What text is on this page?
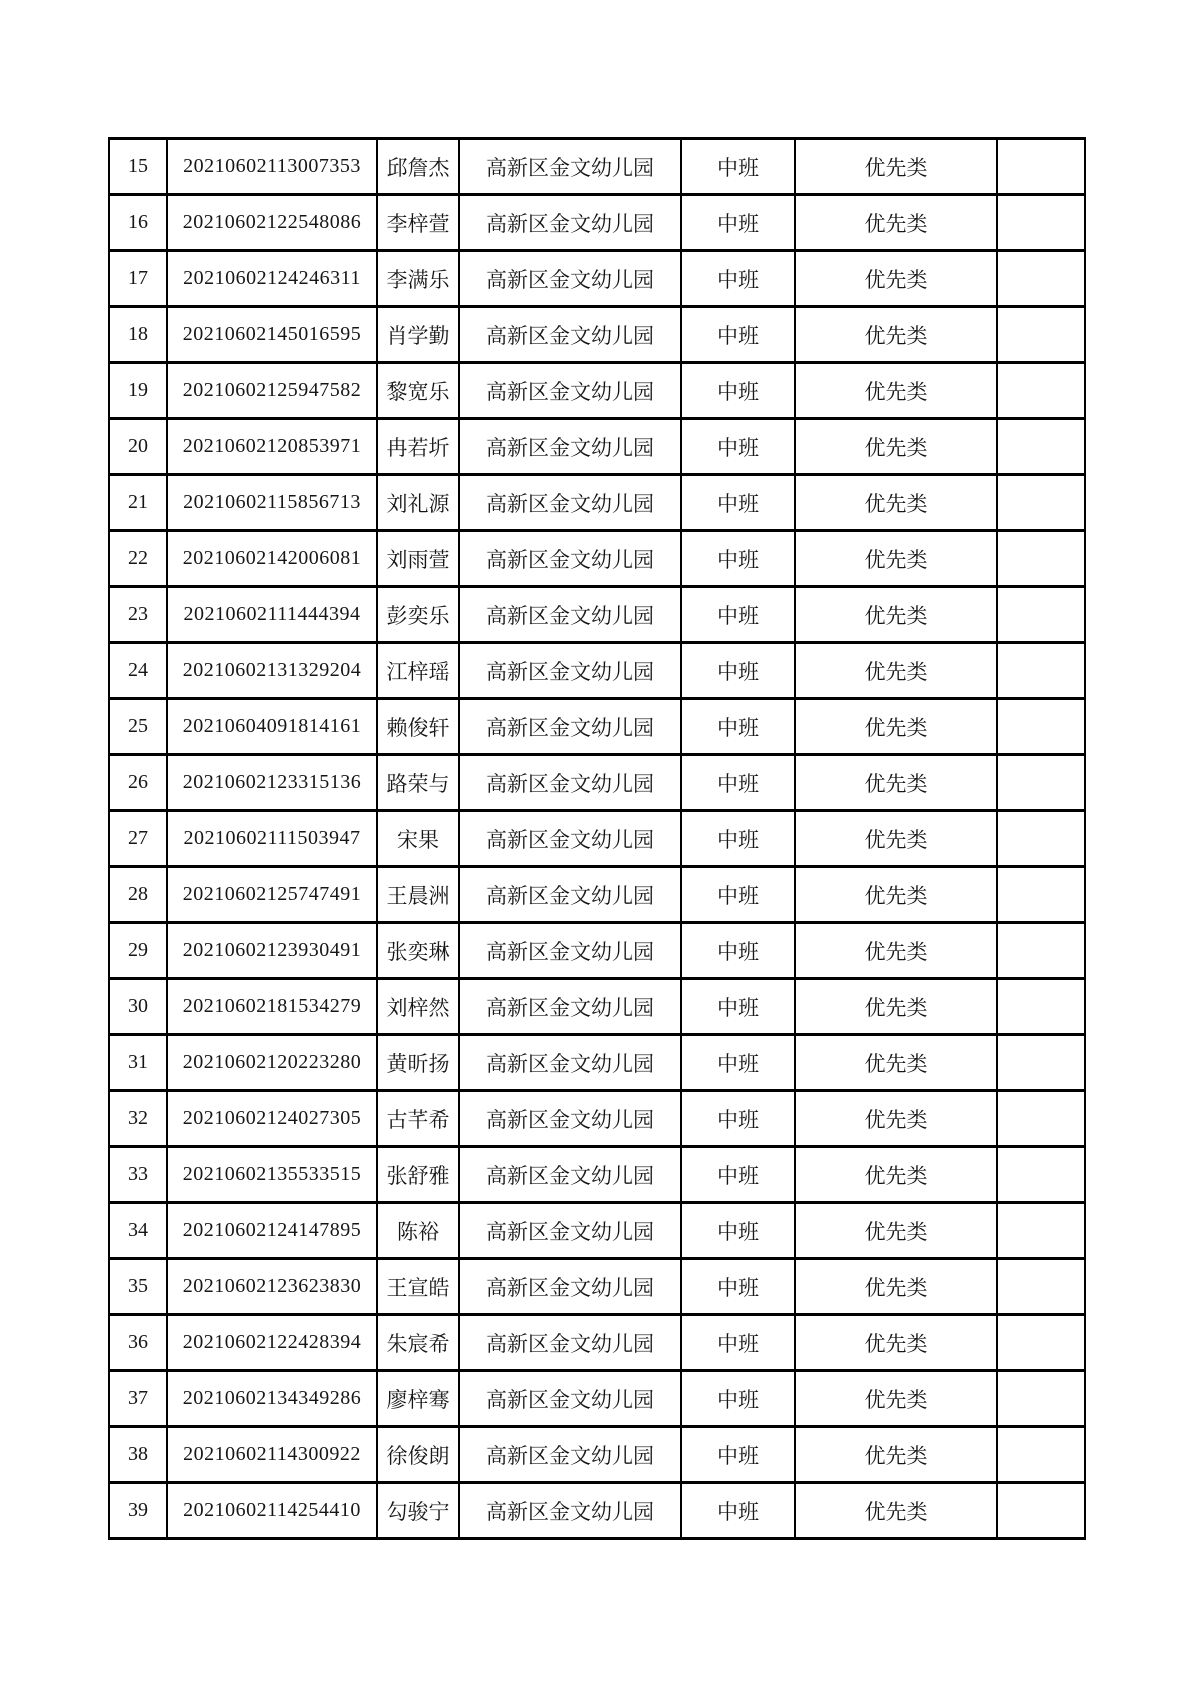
15	20210602113007353	邱詹杰	高新区金文幼儿园	中班	优先类	
16	20210602122548086	李梓萱	高新区金文幼儿园	中班	优先类	
17	20210602124246311	李满乐	高新区金文幼儿园	中班	优先类	
18	20210602145016595	肖学勤	高新区金文幼儿园	中班	优先类	
19	20210602125947582	黎宽乐	高新区金文幼儿园	中班	优先类	
20	20210602120853971	冉若圻	高新区金文幼儿园	中班	优先类	
21	20210602115856713	刘礼源	高新区金文幼儿园	中班	优先类	
22	20210602142006081	刘雨萱	高新区金文幼儿园	中班	优先类	
23	20210602111444394	彭奕乐	高新区金文幼儿园	中班	优先类	
24	20210602131329204	江梓瑶	高新区金文幼儿园	中班	优先类	
25	20210604091814161	赖俊轩	高新区金文幼儿园	中班	优先类	
26	20210602123315136	路荣与	高新区金文幼儿园	中班	优先类	
27	20210602111503947	宋果	高新区金文幼儿园	中班	优先类	
28	20210602125747491	王晨洲	高新区金文幼儿园	中班	优先类	
29	20210602123930491	张奕琳	高新区金文幼儿园	中班	优先类	
30	20210602181534279	刘梓然	高新区金文幼儿园	中班	优先类	
31	20210602120223280	黄昕扬	高新区金文幼儿园	中班	优先类	
32	20210602124027305	古芊希	高新区金文幼儿园	中班	优先类	
33	20210602135533515	张舒雅	高新区金文幼儿园	中班	优先类	
34	20210602124147895	陈裕	高新区金文幼儿园	中班	优先类	
35	20210602123623830	王宣皓	高新区金文幼儿园	中班	优先类	
36	20210602122428394	朱宸希	高新区金文幼儿园	中班	优先类	
37	20210602134349286	廖梓骞	高新区金文幼儿园	中班	优先类	
38	20210602114300922	徐俊朗	高新区金文幼儿园	中班	优先类	
39	20210602114254410	勾骏宁	高新区金文幼儿园	中班	优先类	
